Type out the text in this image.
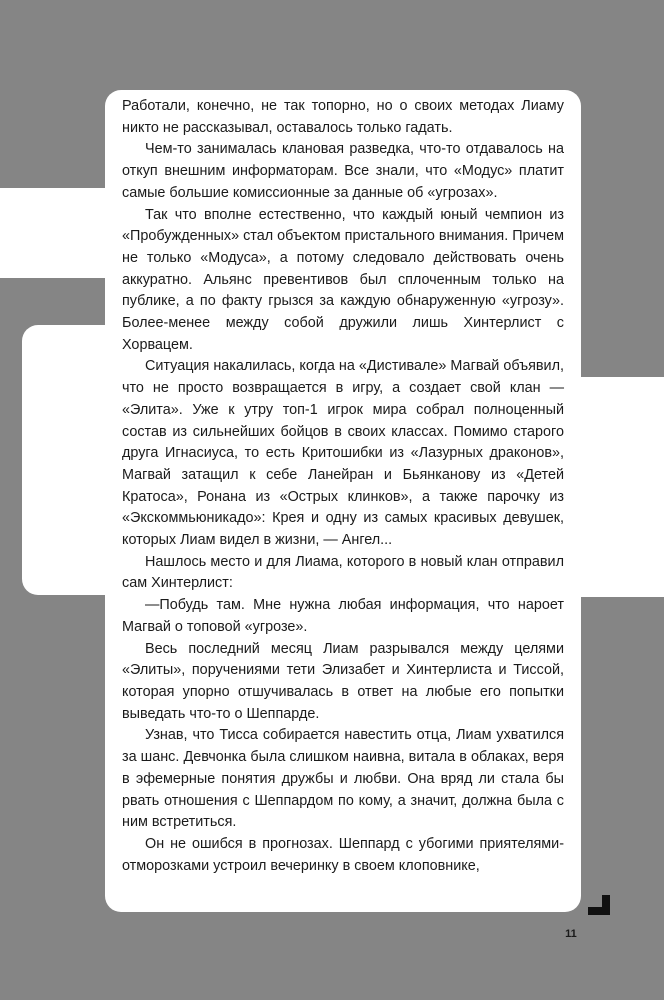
Работали, конечно, не так топорно, но о своих методах Лиаму никто не рассказывал, оставалось только гадать.

Чем-то занималась клановая разведка, что-то отдавалось на откуп внешним информаторам. Все знали, что «Модус» платит самые большие комиссионные за данные об «угрозах».

Так что вполне естественно, что каждый юный чемпион из «Пробужденных» стал объектом пристального внимания. Причем не только «Модуса», а потому следовало действовать очень аккуратно. Альянс превентивов был сплоченным только на публике, а по факту грызся за каждую обнаруженную «угрозу». Более-менее между собой дружили лишь Хинтерлист с Хорвацем.

Ситуация накалилась, когда на «Дистивале» Магвай объявил, что не просто возвращается в игру, а создает свой клан — «Элита». Уже к утру топ-1 игрок мира собрал полноценный состав из сильнейших бойцов в своих классах. Помимо старого друга Игнасиуса, то есть Критошибки из «Лазурных драконов», Магвай затащил к себе Ланейран и Бьянканову из «Детей Кратоса», Ронана из «Острых клинков», а также парочку из «Экскоммьюникадо»: Крея и одну из самых красивых девушек, которых Лиам видел в жизни, — Ангел...

Нашлось место и для Лиама, которого в новый клан отправил сам Хинтерлист:

—Побудь там. Мне нужна любая информация, что нароет Магвай о топовой «угрозе».

Весь последний месяц Лиам разрывался между целями «Элиты», поручениями тети Элизабет и Хинтерлиста и Тиссой, которая упорно отшучивалась в ответ на любые его попытки выведать что-то о Шеппарде.

Узнав, что Тисса собирается навестить отца, Лиам ухватился за шанс. Девчонка была слишком наивна, витала в облаках, веря в эфемерные понятия дружбы и любви. Она вряд ли стала бы рвать отношения с Шеппардом по кому, а значит, должна была с ним встретиться.

Он не ошибся в прогнозах. Шеппард с убогими приятелями-отморозками устроил вечеринку в своем клоповнике,

11
